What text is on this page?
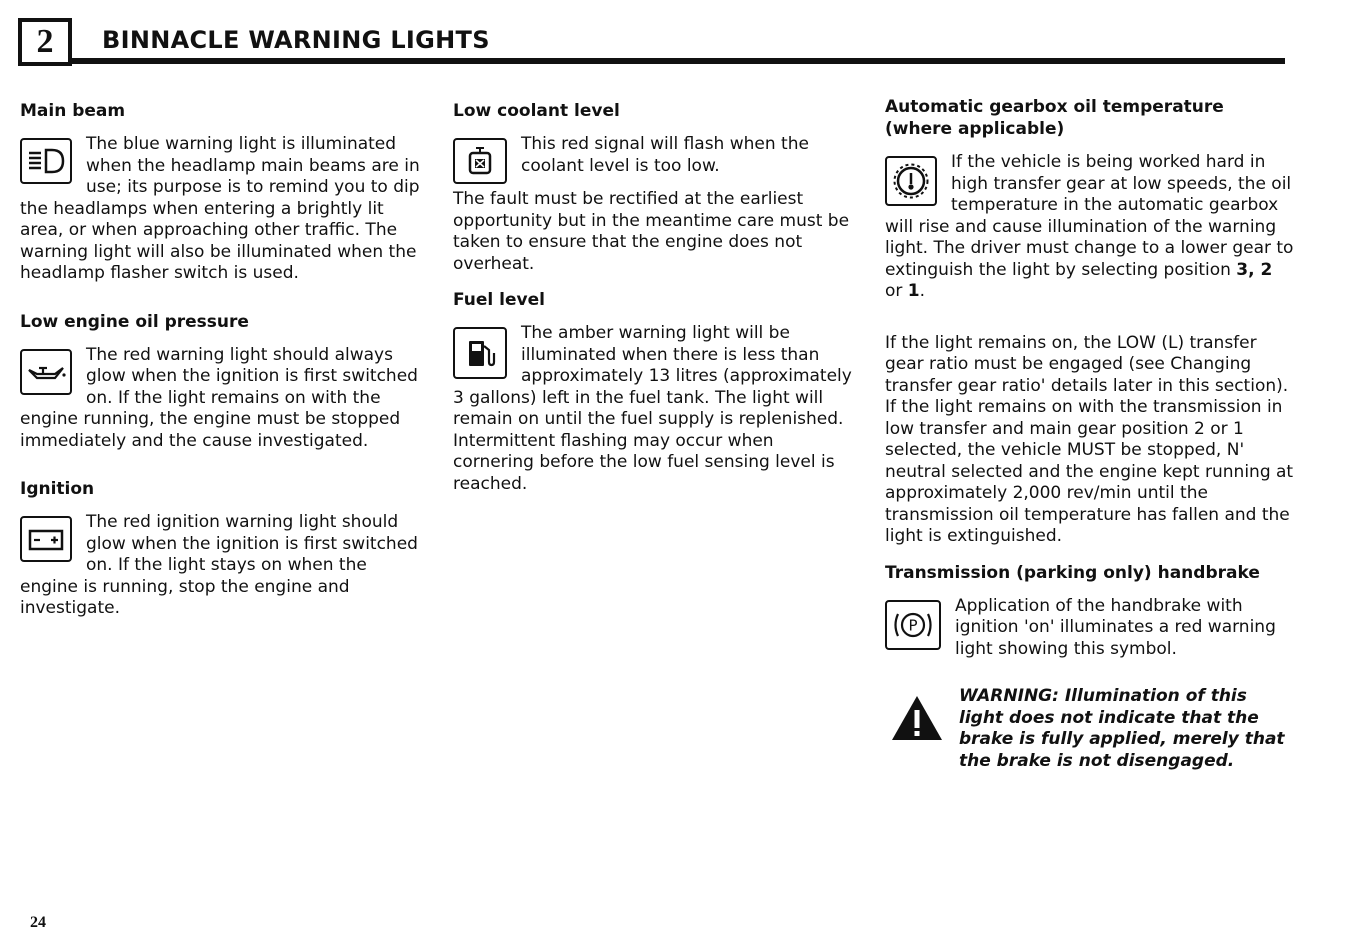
2	BINNACLE WARNING LIGHTS
Main beam

The blue warning light is illuminated when the headlamp main beams are in use; its purpose is to remind you to dip the headlamps when entering a brightly lit area, or when approaching other traffic. The warning light will also be illuminated when the headlamp flasher switch is used.

Low engine oil pressure

The red warning light should always glow when the ignition is first switched on. If the light remains on with the engine running, the engine must be stopped immediately and the cause investigated.

Ignition

The red ignition warning light should glow when the ignition is first switched on. If the light stays on when the engine is running, stop the engine and investigate.

Low coolant level

This red signal will flash when the coolant level is too low.

The fault must be rectified at the earliest opportunity but in the meantime care must be taken to ensure that the engine does not overheat.

Fuel level

The amber warning light will be illuminated when there is less than approximately 13 litres (approximately 3 gallons) left in the fuel tank. The light will remain on until the fuel supply is replenished. Intermittent flashing may occur when cornering before the low fuel sensing level is reached.

Automatic gearbox oil temperature (where applicable)

If the vehicle is being worked hard in high transfer gear at low speeds, the oil temperature in the automatic gearbox will rise and cause illumination of the warning light. The driver must change to a lower gear to extinguish the light by selecting position 3, 2 or 1.

If the light remains on, the LOW (L) transfer gear ratio must be engaged (see Changing transfer gear ratio' details later in this section). If the light remains on with the transmission in low transfer and main gear position 2 or 1 selected, the vehicle MUST be stopped, N' neutral selected and the engine kept running at approximately 2,000 rev/min until the transmission oil temperature has fallen and the light is extinguished.

Transmission (parking only) handbrake
P

Application of the handbrake with ignition 'on' illuminates a red warning light showing this symbol.

WARNING: Illumination of this light does not indicate that the brake is fully applied, merely that the brake is not disengaged.

24
